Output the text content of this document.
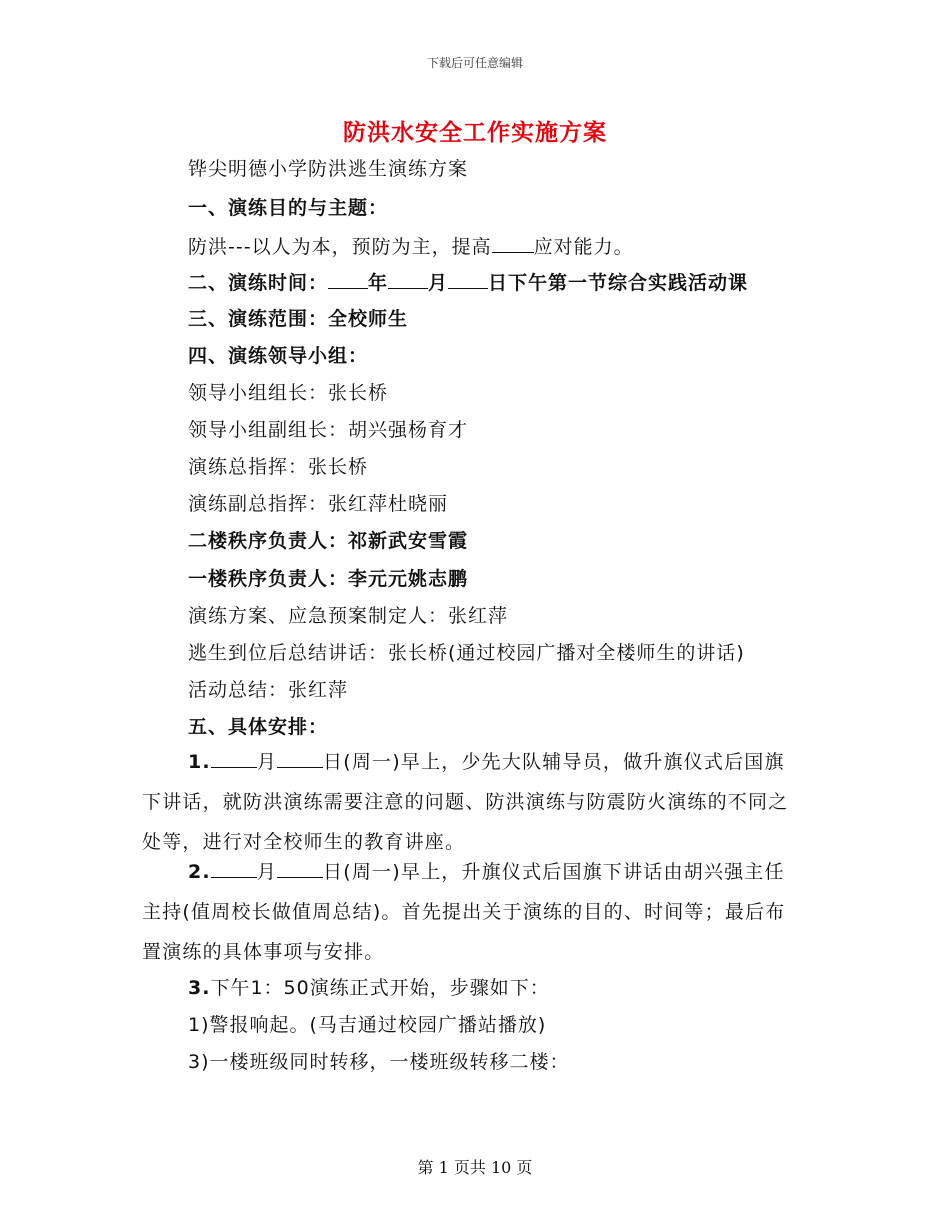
下载后可任意编辑
防洪水安全工作实施方案
铧尖明德小学防洪逃生演练方案
一、演练目的与主题：
防洪---以人为本，预防为主，提高 应对能力。
二、演练时间： 年 月 日下午第一节综合实践活动课
三、演练范围：全校师生
四、演练领导小组：
领导小组组长：张长桥
领导小组副组长：胡兴强杨育才
演练总指挥：张长桥
演练副总指挥：张红萍杜晓丽
二楼秩序负责人：祁新武安雪霞
一楼秩序负责人：李元元姚志鹏
演练方案、应急预案制定人：张红萍
逃生到位后总结讲话：张长桥(通过校园广播对全楼师生的讲话)
活动总结：张红萍
五、具体安排：
1. 月 日(周一)早上，少先大队辅导员，做升旗仪式后国旗下讲话，就防洪演练需要注意的问题、防洪演练与防震防火演练的不同之处等，进行对全校师生的教育讲座。
2. 月 日(周一)早上，升旗仪式后国旗下讲话由胡兴强主任主持(值周校长做值周总结)。首先提出关于演练的目的、时间等；最后布置演练的具体事项与安排。
3.下午1：50演练正式开始，步骤如下：
1)警报响起。(马吉通过校园广播站播放)
3)一楼班级同时转移，一楼班级转移二楼：
第 1 页共 10 页
